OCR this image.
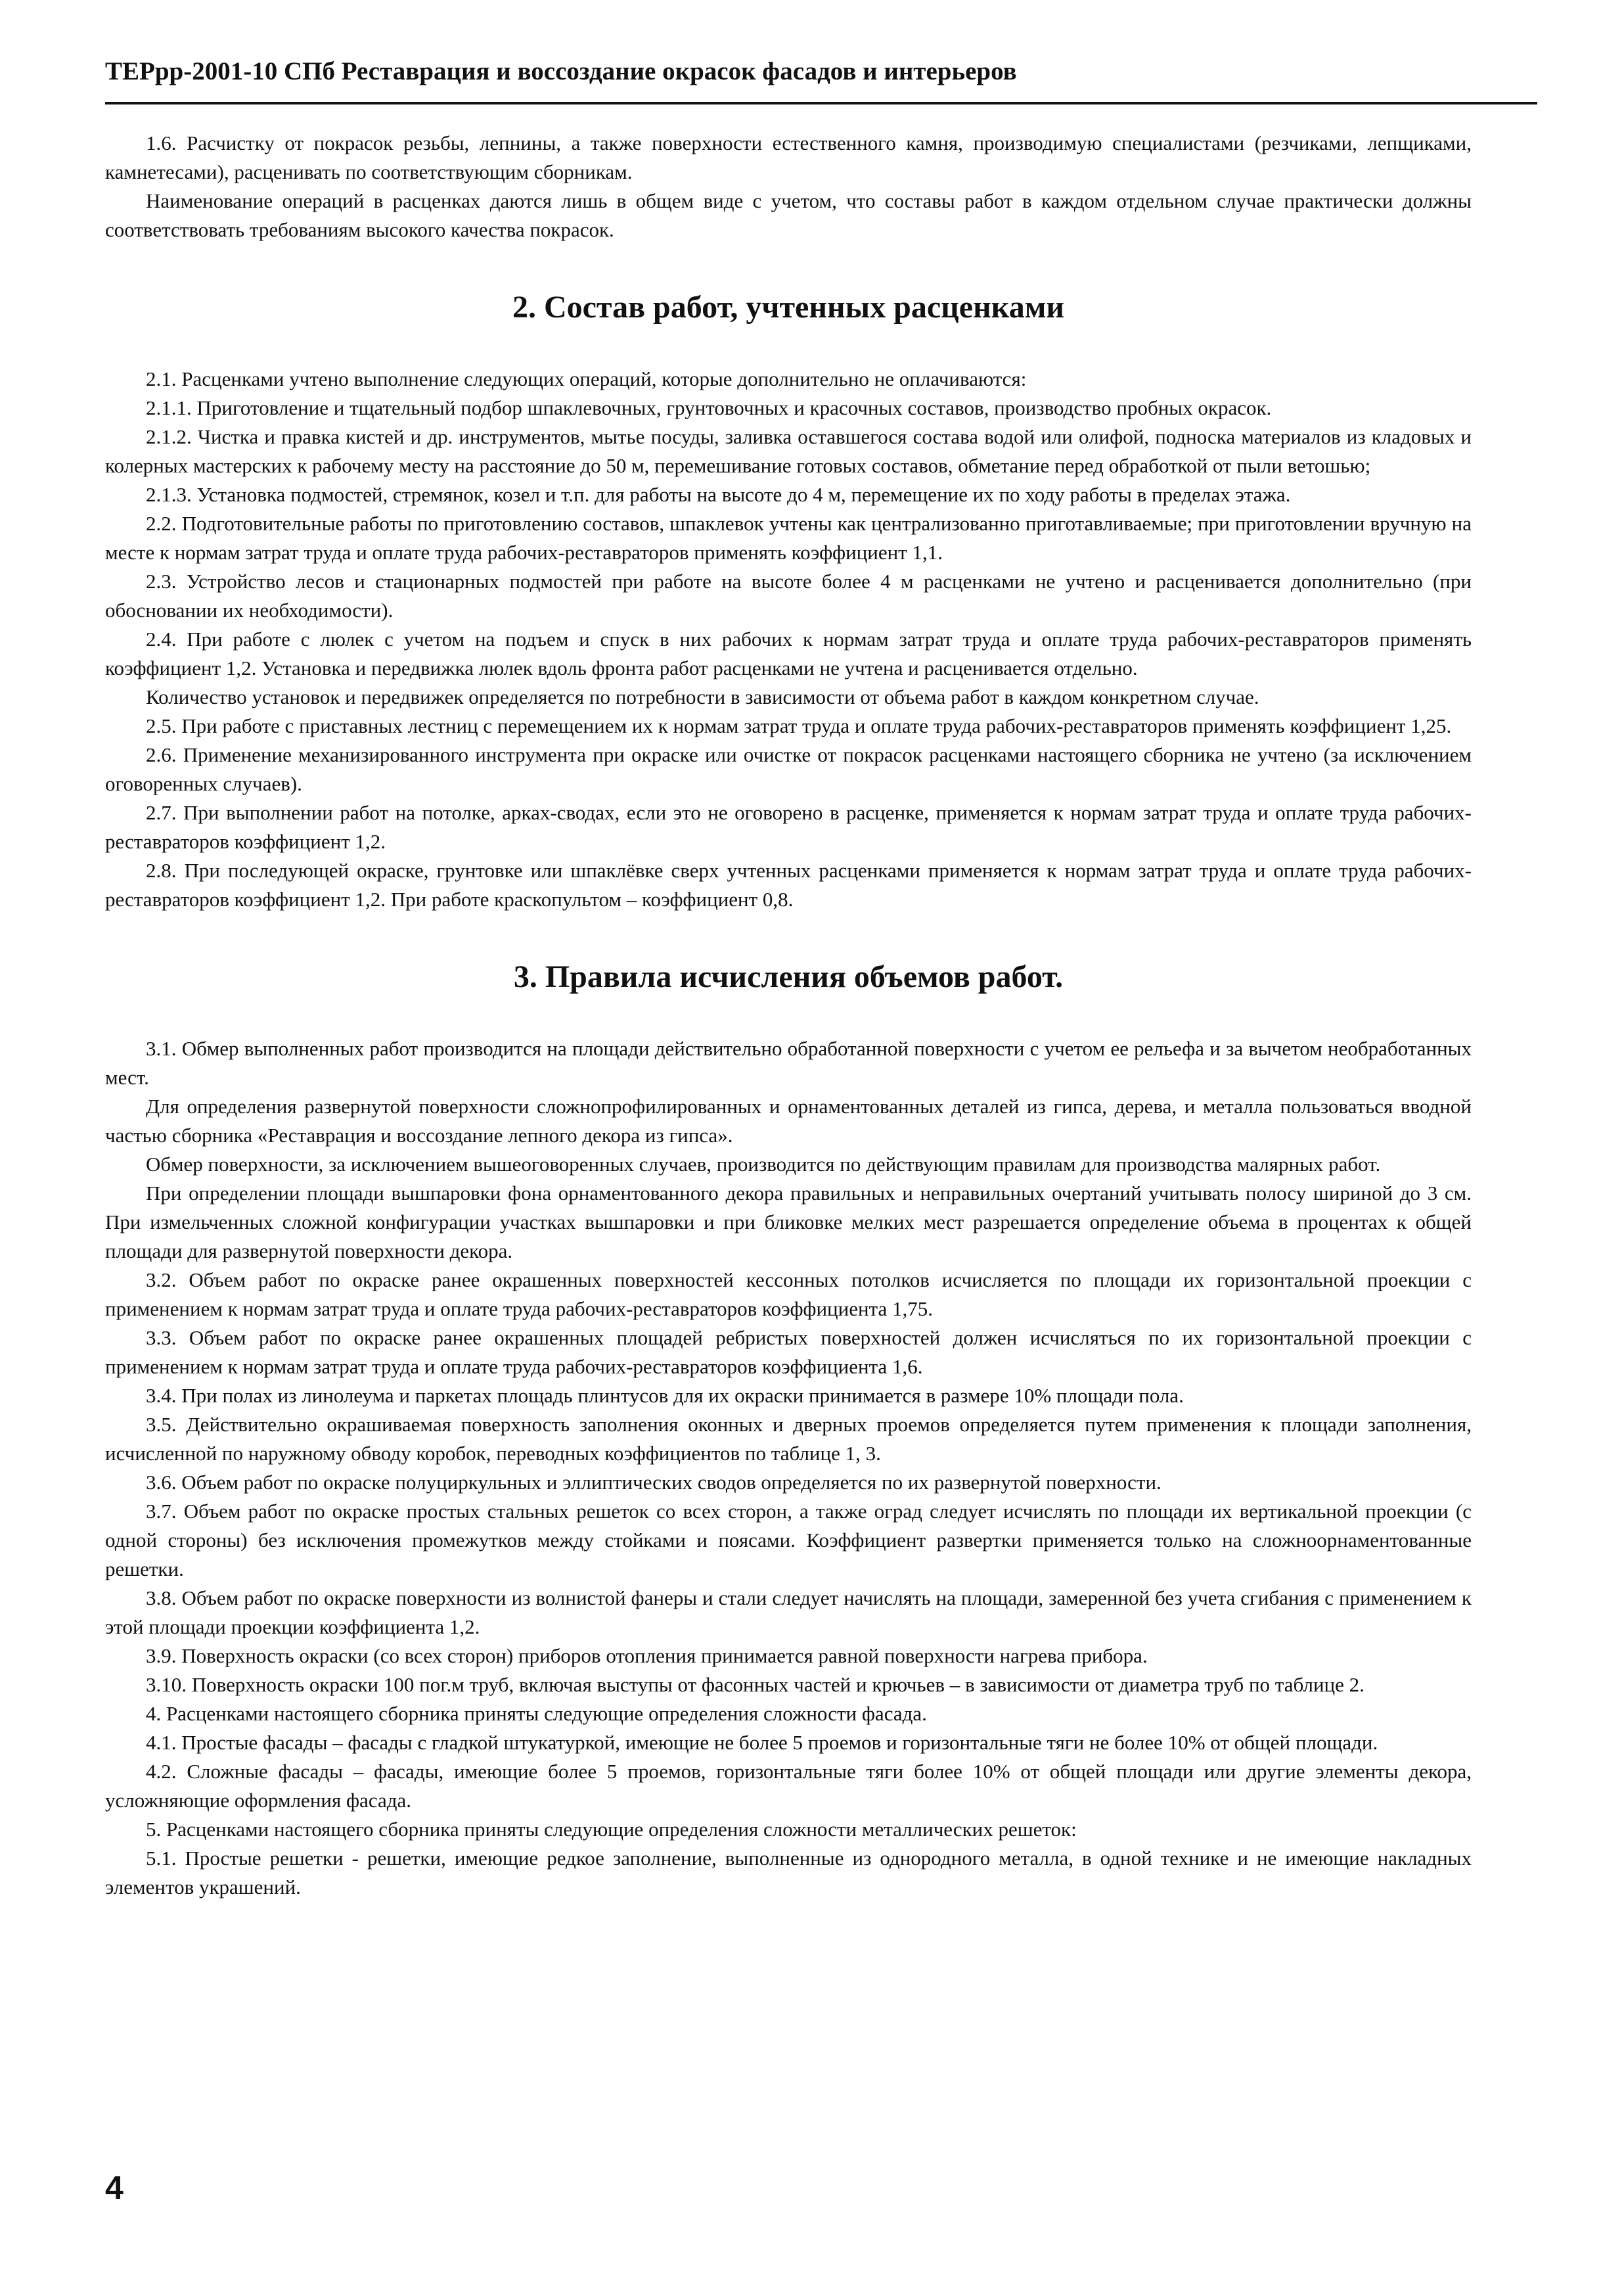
ТЕРрр-2001-10 СПб Реставрация и воссоздание окрасок фасадов и интерьеров

1.6. Расчистку от покрасок резьбы, лепнины, а также поверхности естественного камня, производимую специалистами (резчиками, лепщиками, камнетесами), расценивать по соответствующим сборникам.

Наименование операций в расценках даются лишь в общем виде с учетом, что составы работ в каждом отдельном случае практически должны соответствовать требованиям высокого качества покрасок.

2. Состав работ, учтенных расценками

2.1. Расценками учтено выполнение следующих операций, которые дополнительно не оплачиваются:

2.1.1. Приготовление и тщательный подбор шпаклевочных, грунтовочных и красочных составов, производство пробных окрасок.

2.1.2. Чистка и правка кистей и др. инструментов, мытье посуды, заливка оставшегося состава водой или олифой, подноска материалов из кладовых и колерных мастерских к рабочему месту на расстояние до 50 м, перемешивание готовых составов, обметание перед обработкой от пыли ветошью;

2.1.3. Установка подмостей, стремянок, козел и т.п. для работы на высоте до 4 м, перемещение их по ходу работы в пределах этажа.

2.2. Подготовительные работы по приготовлению составов, шпаклевок учтены как централизованно приготавливаемые; при приготовлении вручную на месте к нормам затрат труда и оплате труда рабочих-реставраторов применять коэффициент 1,1.

2.3. Устройство лесов и стационарных подмостей при работе на высоте более 4 м расценками не учтено и расценивается дополнительно (при обосновании их необходимости).

2.4. При работе с люлек с учетом на подъем и спуск в них рабочих к нормам затрат труда и оплате труда рабочих-реставраторов применять коэффициент 1,2. Установка и передвижка люлек вдоль фронта работ расценками не учтена и расценивается отдельно.

Количество установок и передвижек определяется по потребности в зависимости от объема работ в каждом конкретном случае.

2.5. При работе с приставных лестниц с перемещением их к нормам затрат труда и оплате труда рабочих-реставраторов применять коэффициент 1,25.

2.6. Применение механизированного инструмента при окраске или очистке от покрасок расценками настоящего сборника не учтено (за исключением оговоренных случаев).

2.7. При выполнении работ на потолке, арках-сводах, если это не оговорено в расценке, применяется к нормам затрат труда и оплате труда рабочих-реставраторов коэффициент 1,2.

2.8. При последующей окраске, грунтовке или шпаклёвке сверх учтенных расценками применяется к нормам затрат труда и оплате труда рабочих-реставраторов коэффициент 1,2. При работе краскопультом – коэффициент 0,8.

3. Правила исчисления объемов работ.

3.1. Обмер выполненных работ производится на площади действительно обработанной поверхности с учетом ее рельефа и за вычетом необработанных мест.

Для определения развернутой поверхности сложнопрофилированных и орнаментованных деталей из гипса, дерева, и металла пользоваться вводной частью сборника «Реставрация и воссоздание лепного декора из гипса».

Обмер поверхности, за исключением вышеоговоренных случаев, производится по действующим правилам для производства малярных работ.

При определении площади вышпаровки фона орнаментованного декора правильных и неправильных очертаний учитывать полосу шириной до 3 см. При измельченных сложной конфигурации участках вышпаровки и при бликовке мелких мест разрешается определение объема в процентах к общей площади для развернутой поверхности декора.

3.2. Объем работ по окраске ранее окрашенных поверхностей кессонных потолков исчисляется по площади их горизонтальной проекции с применением к нормам затрат труда и оплате труда рабочих-реставраторов коэффициента 1,75.

3.3. Объем работ по окраске ранее окрашенных площадей ребристых поверхностей должен исчисляться по их горизонтальной проекции с применением к нормам затрат труда и оплате труда рабочих-реставраторов коэффициента 1,6.

3.4. При полах из линолеума и паркетах площадь плинтусов для их окраски принимается в размере 10% площади пола.

3.5. Действительно окрашиваемая поверхность заполнения оконных и дверных проемов определяется путем применения к площади заполнения, исчисленной по наружному обводу коробок, переводных коэффициентов по таблице 1, 3.

3.6. Объем работ по окраске полуциркульных и эллиптических сводов определяется по их развернутой поверхности.

3.7. Объем работ по окраске простых стальных решеток со всех сторон, а также оград следует исчислять по площади их вертикальной проекции (с одной стороны) без исключения промежутков между стойками и поясами. Коэффициент развертки применяется только на сложноорнаментованные решетки.

3.8. Объем работ по окраске поверхности из волнистой фанеры и стали следует начислять на площади, замеренной без учета сгибания с применением к этой площади проекции коэффициента 1,2.

3.9. Поверхность окраски (со всех сторон) приборов отопления принимается равной поверхности нагрева прибора.

3.10. Поверхность окраски 100 пог.м труб, включая выступы от фасонных частей и крючьев – в зависимости от диаметра труб по таблице 2.

4. Расценками настоящего сборника приняты следующие определения сложности фасада.

4.1. Простые фасады – фасады с гладкой штукатуркой, имеющие не более 5 проемов и горизонтальные тяги не более 10% от общей площади.

4.2. Сложные фасады – фасады, имеющие более 5 проемов, горизонтальные тяги более 10% от общей площади или другие элементы декора, усложняющие оформления фасада.

5. Расценками настоящего сборника приняты следующие определения сложности металлических решеток:

5.1. Простые решетки - решетки, имеющие редкое заполнение, выполненные из однородного металла, в одной технике и не имеющие накладных элементов украшений.

4
